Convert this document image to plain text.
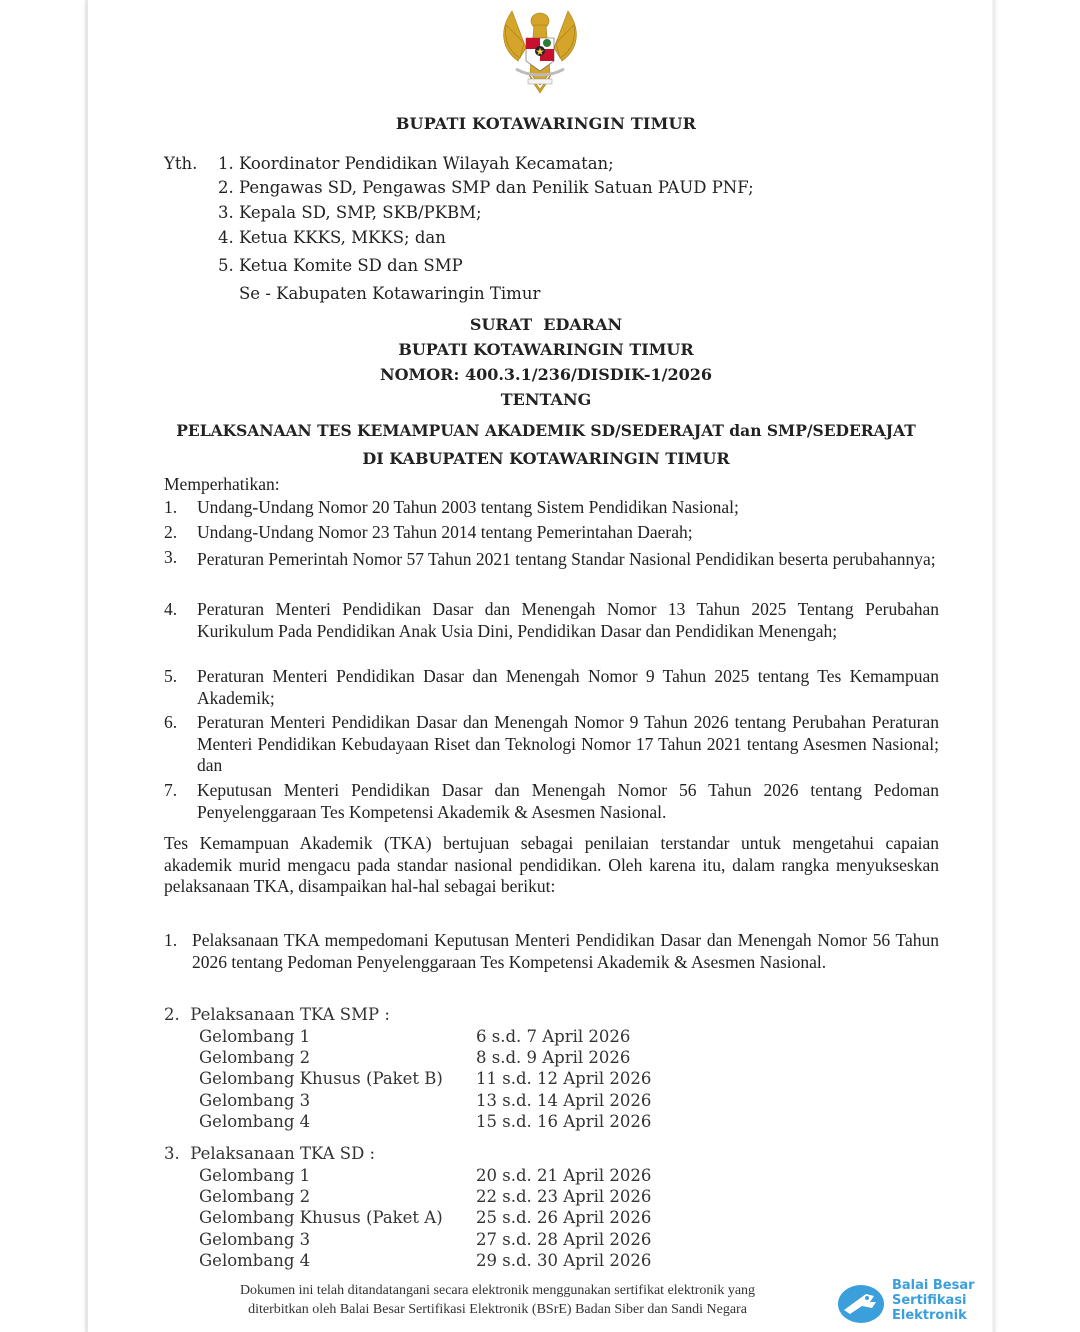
BUPATI KOTAWARINGIN TIMUR
Yth. 1. Koordinator Pendidikan Wilayah Kecamatan;
2. Pengawas SD, Pengawas SMP dan Penilik Satuan PAUD PNF;
3. Kepala SD, SMP, SKB/PKBM;
4. Ketua KKKS, MKKS; dan
5. Ketua Komite SD dan SMP
Se - Kabupaten Kotawaringin Timur
SURAT  EDARAN
BUPATI KOTAWARINGIN TIMUR
NOMOR: 400.3.1/236/DISDIK-1/2026
TENTANG
PELAKSANAAN TES KEMAMPUAN AKADEMIK SD/SEDERAJAT dan SMP/SEDERAJAT
DI KABUPATEN KOTAWARINGIN TIMUR
Memperhatikan:
1. Undang-Undang Nomor 20 Tahun 2003 tentang Sistem Pendidikan Nasional;
2. Undang-Undang Nomor 23 Tahun 2014 tentang Pemerintahan Daerah;
3. Peraturan Pemerintah Nomor 57 Tahun 2021 tentang Standar Nasional Pendidikan beserta perubahannya;
4. Peraturan Menteri Pendidikan Dasar dan Menengah Nomor 13 Tahun 2025 Tentang Perubahan Kurikulum Pada Pendidikan Anak Usia Dini, Pendidikan Dasar dan Pendidikan Menengah;
5. Peraturan Menteri Pendidikan Dasar dan Menengah Nomor 9 Tahun 2025 tentang Tes Kemampuan Akademik;
6. Peraturan Menteri Pendidikan Dasar dan Menengah Nomor 9 Tahun 2026 tentang Perubahan Peraturan Menteri Pendidikan Kebudayaan Riset dan Teknologi Nomor 17 Tahun 2021 tentang Asesmen Nasional; dan
7. Keputusan Menteri Pendidikan Dasar dan Menengah Nomor 56 Tahun 2026 tentang Pedoman Penyelenggaraan Tes Kompetensi Akademik & Asesmen Nasional.
Tes Kemampuan Akademik (TKA) bertujuan sebagai penilaian terstandar untuk mengetahui capaian akademik murid mengacu pada standar nasional pendidikan. Oleh karena itu, dalam rangka menyukseskan pelaksanaan TKA, disampaikan hal-hal sebagai berikut:
1. Pelaksanaan TKA mempedomani Keputusan Menteri Pendidikan Dasar dan Menengah Nomor 56 Tahun 2026 tentang Pedoman Penyelenggaraan Tes Kompetensi Akademik & Asesmen Nasional.
2.  Pelaksanaan TKA SMP :
Gelombang 1	6 s.d. 7 April 2026
Gelombang 2	8 s.d. 9 April 2026
Gelombang Khusus (Paket B) 11 s.d. 12 April 2026
Gelombang 3	13 s.d. 14 April 2026
Gelombang 4	15 s.d. 16 April 2026
3.  Pelaksanaan TKA SD :
Gelombang 1	20 s.d. 21 April 2026
Gelombang 2	22 s.d. 23 April 2026
Gelombang Khusus (Paket A) 25 s.d. 26 April 2026
Gelombang 3	27 s.d. 28 April 2026
Gelombang 4	29 s.d. 30 April 2026
Dokumen ini telah ditandatangani secara elektronik menggunakan sertifikat elektronik yang
diterbitkan oleh Balai Besar Sertifikasi Elektronik (BSrE) Badan Siber dan Sandi Negara
Balai Besar
Sertifikasi
Elektronik
